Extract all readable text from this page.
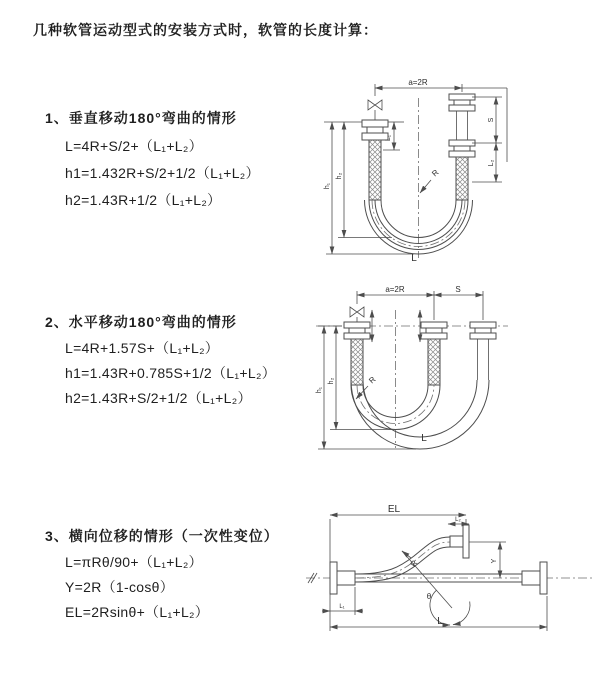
几种软管运动型式的安装方式时，软管的长度计算：
1、垂直移动180°弯曲的情形
L=4R+S/2+（L₁+L₂）
h1=1.432R+S/2+1/2（L₁+L₂）
h2=1.43R+1/2（L₁+L₂）
2、水平移动180°弯曲的情形
L=4R+1.57S+（L₁+L₂）
h1=1.43R+0.785S+1/2（L₁+L₂）
h2=1.43R+S/2+1/2（L₁+L₂）
3、横向位移的情形（一次性变位）
L=πRθ/90+（L₁+L₂）
Y=2R（1-cosθ）
EL=2Rsinθ+（L₁+L₂）
a=2R
L₁
S
L₂
h₁
h₂	R
L
a=2R	S
h₁
h₂	R
L
θ
EL
L₂
Y
L₁
L
R
